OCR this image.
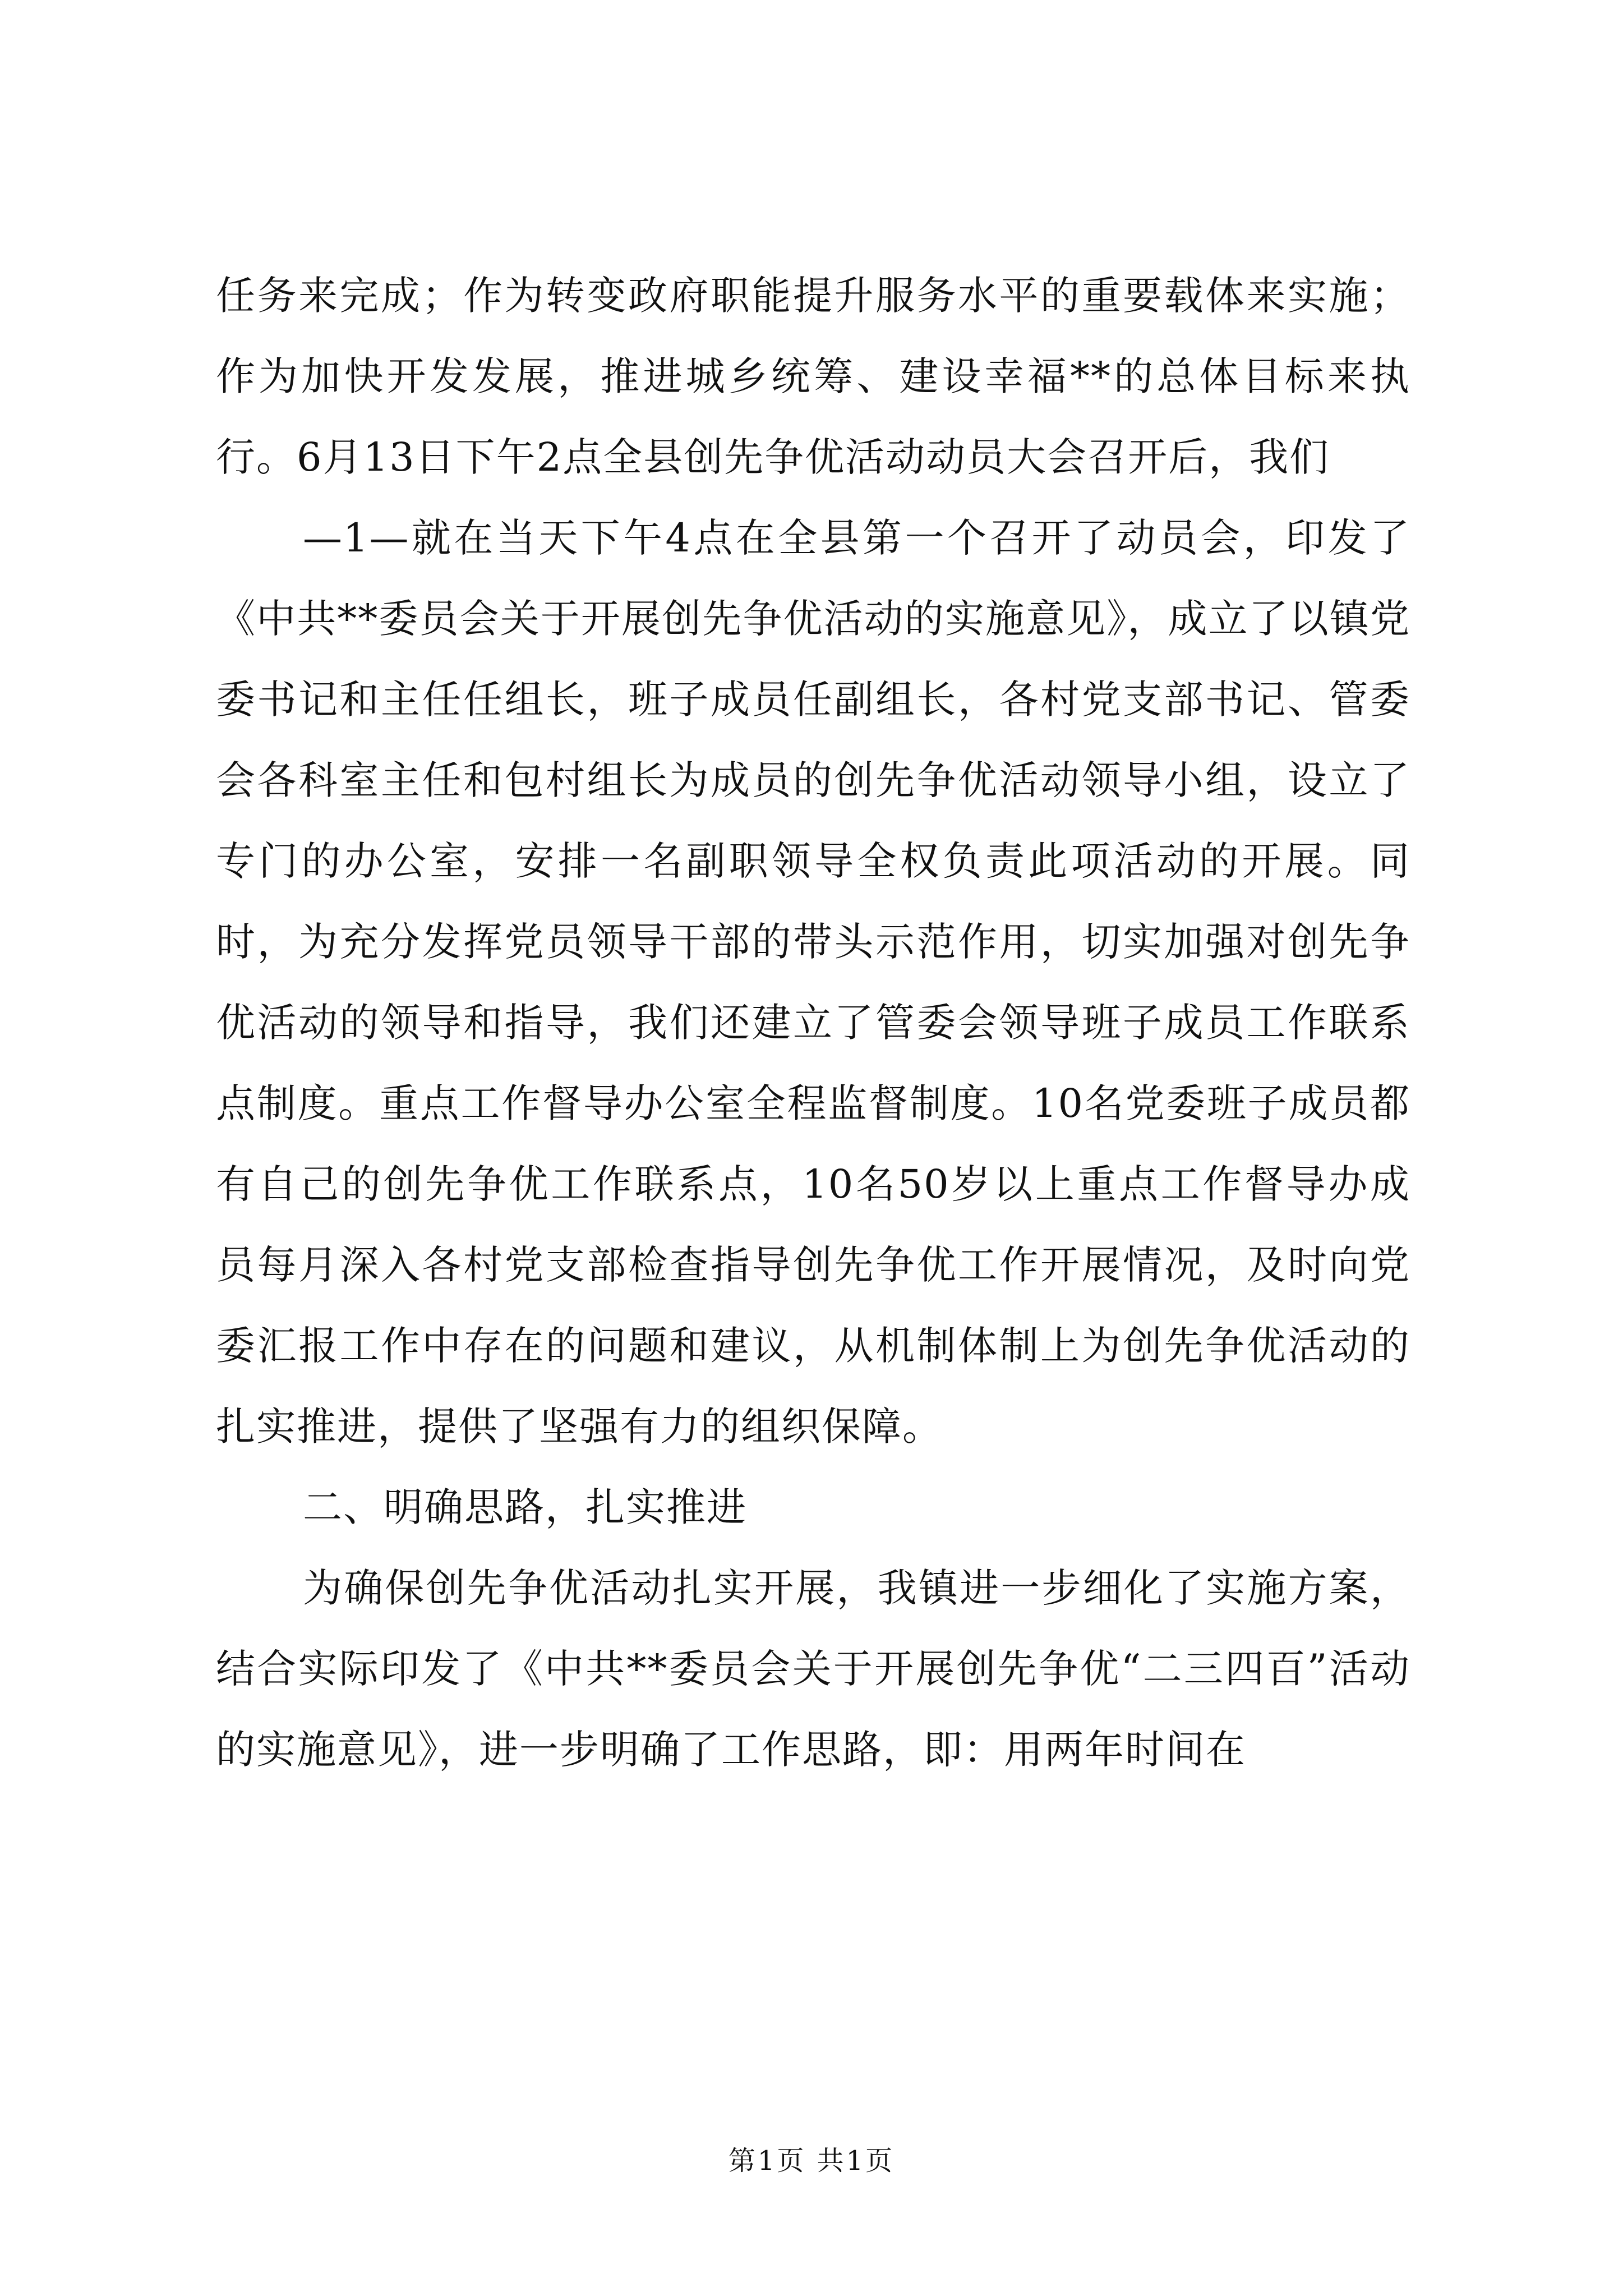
任务来完成；作为转变政府职能提升服务水平的重要载体来实施；作为加快开发发展，推进城乡统筹、建设幸福**的总体目标来执行。6月13日下午2点全县创先争优活动动员大会召开后，我们

—1—就在当天下午4点在全县第一个召开了动员会，印发了《中共**委员会关于开展创先争优活动的实施意见》，成立了以镇党委书记和主任任组长，班子成员任副组长，各村党支部书记、管委会各科室主任和包村组长为成员的创先争优活动领导小组，设立了专门的办公室，安排一名副职领导全权负责此项活动的开展。同时，为充分发挥党员领导干部的带头示范作用，切实加强对创先争优活动的领导和指导，我们还建立了管委会领导班子成员工作联系点制度。重点工作督导办公室全程监督制度。10名党委班子成员都有自己的创先争优工作联系点，10名50岁以上重点工作督导办成员每月深入各村党支部检查指导创先争优工作开展情况，及时向党委汇报工作中存在的问题和建议，从机制体制上为创先争优活动的扎实推进，提供了坚强有力的组织保障。

二、明确思路，扎实推进

为确保创先争优活动扎实开展，我镇进一步细化了实施方案，结合实际印发了《中共**委员会关于开展创先争优“二三四百”活动的实施意见》，进一步明确了工作思路，即：用两年时间在

第1页 共1页
